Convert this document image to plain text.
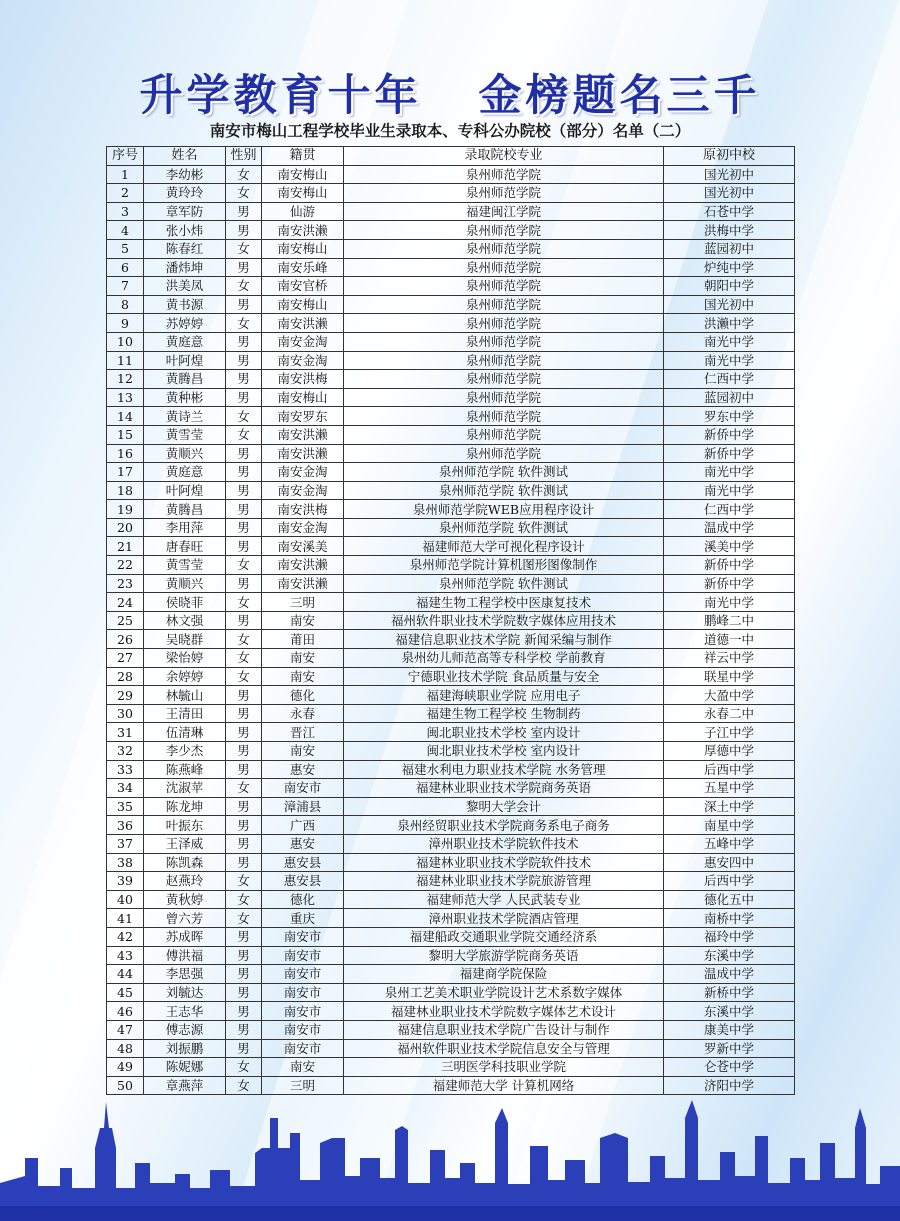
升学教育十年   金榜题名三千
南安市梅山工程学校毕业生录取本、专科公办院校（部分）名单（二）
序号	姓名	性别	籍贯	录取院校专业	原初中校
1	李幼彬	女	南安梅山	泉州师范学院	国光初中
2	黄玲玲	女	南安梅山	泉州师范学院	国光初中
3	章军防	男	仙游	福建闽江学院	石苍中学
4	张小炜	男	南安洪濑	泉州师范学院	洪梅中学
5	陈春红	女	南安梅山	泉州师范学院	蓝园初中
6	潘炜坤	男	南安乐峰	泉州师范学院	炉纯中学
7	洪美凤	女	南安官桥	泉州师范学院	朝阳中学
8	黄书源	男	南安梅山	泉州师范学院	国光初中
9	苏婷婷	女	南安洪濑	泉州师范学院	洪濑中学
10	黄庭意	男	南安金淘	泉州师范学院	南光中学
11	叶阿煌	男	南安金淘	泉州师范学院	南光中学
12	黄腾昌	男	南安洪梅	泉州师范学院	仁西中学
13	黄种彬	男	南安梅山	泉州师范学院	蓝园初中
14	黄诗兰	女	南安罗东	泉州师范学院	罗东中学
15	黄雪莹	女	南安洪濑	泉州师范学院	新侨中学
16	黄顺兴	男	南安洪濑	泉州师范学院	新侨中学
17	黄庭意	男	南安金淘	泉州师范学院 软件测试	南光中学
18	叶阿煌	男	南安金淘	泉州师范学院 软件测试	南光中学
19	黄腾昌	男	南安洪梅	泉州师范学院WEB应用程序设计	仁西中学
20	李用萍	男	南安金淘	泉州师范学院 软件测试	温成中学
21	唐春旺	男	南安溪美	福建师范大学可视化程序设计	溪美中学
22	黄雪莹	女	南安洪濑	泉州师范学院计算机图形图像制作	新侨中学
23	黄顺兴	男	南安洪濑	泉州师范学院 软件测试	新侨中学
24	侯晓菲	女	三明	福建生物工程学校中医康复技术	南光中学
25	林文强	男	南安	福州软件职业技术学院数字媒体应用技术	鹏峰二中
26	吴晓群	女	莆田	福建信息职业技术学院 新闻采编与制作	道德一中
27	梁怡婷	女	南安	泉州幼儿师范高等专科学校 学前教育	祥云中学
28	余婷婷	女	南安	宁德职业技术学院 食品质量与安全	联星中学
29	林毓山	男	德化	福建海峡职业学院 应用电子	大盈中学
30	王清田	男	永春	福建生物工程学校 生物制药	永春二中
31	伍清琳	男	晋江	闽北职业技术学校 室内设计	子江中学
32	李少杰	男	南安	闽北职业技术学校 室内设计	厚德中学
33	陈燕峰	男	惠安	福建水利电力职业技术学院 水务管理	后西中学
34	沈淑苹	女	南安市	福建林业职业技术学院商务英语	五星中学
35	陈龙坤	男	漳浦县	黎明大学会计	深土中学
36	叶振东	男	广西	泉州经贸职业技术学院商务系电子商务	南星中学
37	王泽威	男	惠安	漳州职业技术学院软件技术	五峰中学
38	陈凯森	男	惠安县	福建林业职业技术学院软件技术	惠安四中
39	赵燕玲	女	惠安县	福建林业职业技术学院旅游管理	后西中学
40	黄秋婷	女	德化	福建师范大学 人民武装专业	德化五中
41	曾六芳	女	重庆	漳州职业技术学院酒店管理	南桥中学
42	苏成晖	男	南安市	福建船政交通职业学院交通经济系	福玲中学
43	傅洪福	男	南安市	黎明大学旅游学院商务英语	东溪中学
44	李思强	男	南安市	福建商学院保险	温成中学
45	刘毓达	男	南安市	泉州工艺美术职业学院设计艺术系数字媒体	新桥中学
46	王志华	男	南安市	福建林业职业技术学院数字媒体艺术设计	东溪中学
47	傅志源	男	南安市	福建信息职业技术学院广告设计与制作	康美中学
48	刘振鹏	男	南安市	福州软件职业技术学院信息安全与管理	罗新中学
49	陈妮娜	女	南安	三明医学科技职业学院	仑苍中学
50	章燕萍	女	三明	福建师范大学 计算机网络	济阳中学
